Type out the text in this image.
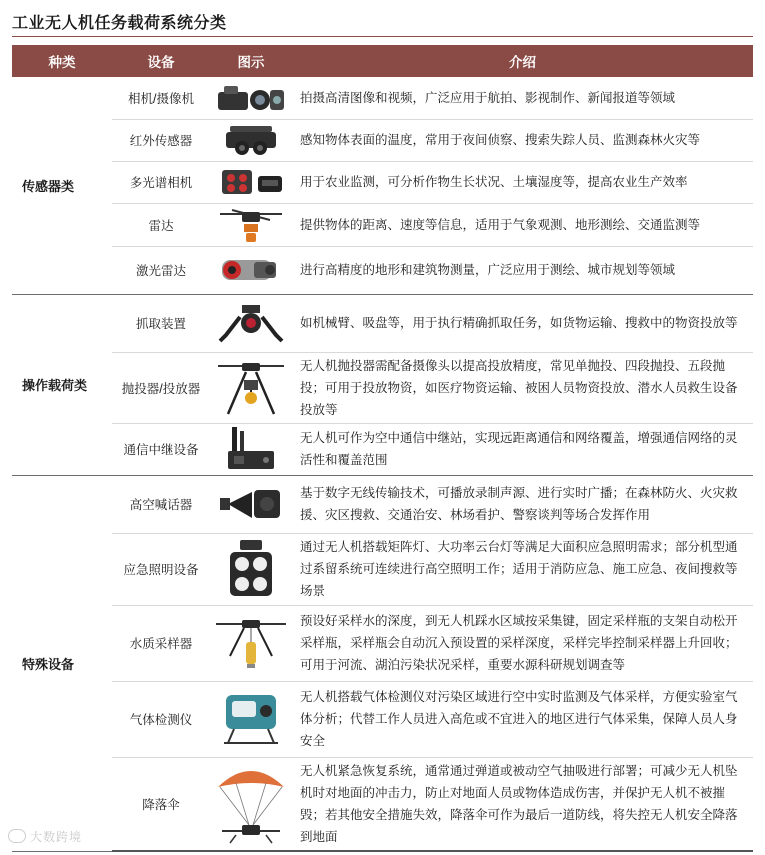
工业无人机任务载荷系统分类
种类	设备	图示	介绍
传感器类	相机/摄像机		拍摄高清图像和视频，广泛应用于航拍、影视制作、新闻报道等领域
	红外传感器		感知物体表面的温度，常用于夜间侦察、搜索失踪人员、监测森林火灾等
	多光谱相机		用于农业监测，可分析作物生长状况、土壤湿度等，提高农业生产效率
	雷达		提供物体的距离、速度等信息，适用于气象观测、地形测绘、交通监测等
	激光雷达		进行高精度的地形和建筑物测量，广泛应用于测绘、城市规划等领域
操作载荷类	抓取装置		如机械臂、吸盘等，用于执行精确抓取任务，如货物运输、搜救中的物资投放等
	抛投器/投放器		无人机抛投器需配备摄像头以提高投放精度，常见单抛投、四段抛投、五段抛投；可用于投放物资，如医疗物资运输、被困人员物资投放、潜水人员救生设备投放等
	通信中继设备		无人机可作为空中通信中继站，实现远距离通信和网络覆盖，增强通信网络的灵活性和覆盖范围
特殊设备	高空喊话器		基于数字无线传输技术，可播放录制声源、进行实时广播；在森林防火、火灾救援、灾区搜救、交通治安、林场看护、警察谈判等场合发挥作用
	应急照明设备		通过无人机搭载矩阵灯、大功率云台灯等满足大面积应急照明需求；部分机型通过系留系统可连续进行高空照明工作；适用于消防应急、施工应急、夜间搜救等场景
	水质采样器		预设好采样水的深度，到无人机踩水区域按采集键，固定采样瓶的支架自动松开采样瓶，采样瓶会自动沉入预设置的采样深度，采样完毕控制采样器上升回收；可用于河流、湖泊污染状况采样，重要水源科研规划调查等
	气体检测仪		无人机搭载气体检测仪对污染区域进行空中实时监测及气体采样，方便实验室气体分析；代替工作人员进入高危或不宜进入的地区进行气体采集，保障人员人身安全
	降落伞		无人机紧急恢复系统，通常通过弹道或被动空气抽吸进行部署；可减少无人机坠机时对地面的冲击力，防止对地面人员或物体造成伤害，并保护无人机不被摧毁；若其他安全措施失效，降落伞可作为最后一道防线，将失控无人机安全降落到地面
大数跨境
